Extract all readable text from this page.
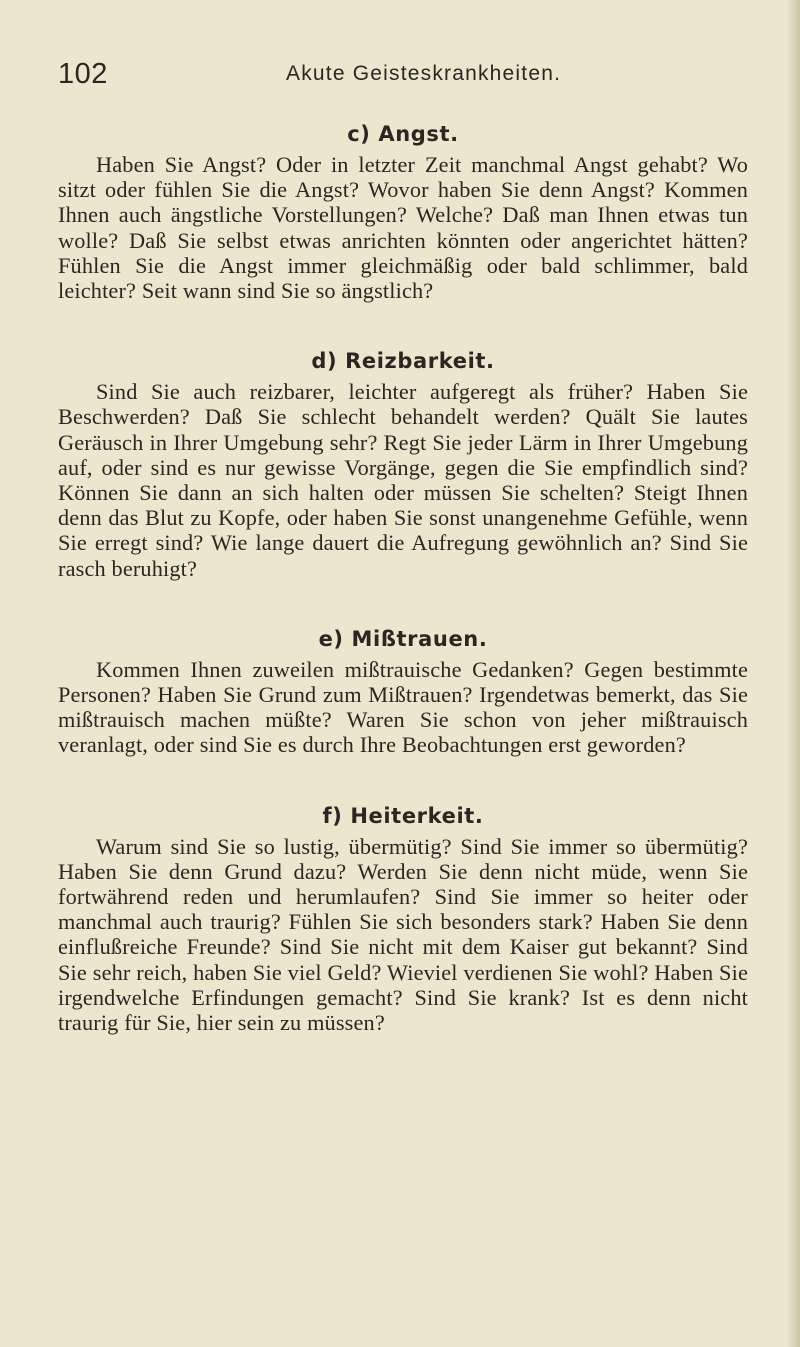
102	Akute Geisteskrankheiten.
c) Angst.

Haben Sie Angst? Oder in letzter Zeit manchmal Angst gehabt? Wo sitzt oder fühlen Sie die Angst? Wovor haben Sie denn Angst? Kommen Ihnen auch ängstliche Vorstellungen? Welche? Daß man Ihnen etwas tun wolle? Daß Sie selbst etwas anrichten könnten oder angerichtet hätten? Fühlen Sie die Angst immer gleichmäßig oder bald schlimmer, bald leichter? Seit wann sind Sie so ängstlich?

d) Reizbarkeit.

Sind Sie auch reizbarer, leichter aufgeregt als früher? Haben Sie Beschwerden? Daß Sie schlecht behandelt werden? Quält Sie lautes Geräusch in Ihrer Umgebung sehr? Regt Sie jeder Lärm in Ihrer Umgebung auf, oder sind es nur gewisse Vorgänge, gegen die Sie empfindlich sind? Können Sie dann an sich halten oder müssen Sie schelten? Steigt Ihnen denn das Blut zu Kopfe, oder haben Sie sonst unangenehme Gefühle, wenn Sie erregt sind? Wie lange dauert die Aufregung gewöhnlich an? Sind Sie rasch beruhigt?

e) Mißtrauen.

Kommen Ihnen zuweilen mißtrauische Gedanken? Gegen bestimmte Personen? Haben Sie Grund zum Mißtrauen? Irgendetwas bemerkt, das Sie mißtrauisch machen müßte? Waren Sie schon von jeher mißtrauisch veranlagt, oder sind Sie es durch Ihre Beobachtungen erst geworden?

f) Heiterkeit.

Warum sind Sie so lustig, übermütig? Sind Sie immer so übermütig? Haben Sie denn Grund dazu? Werden Sie denn nicht müde, wenn Sie fortwährend reden und herumlaufen? Sind Sie immer so heiter oder manchmal auch traurig? Fühlen Sie sich besonders stark? Haben Sie denn einflußreiche Freunde? Sind Sie nicht mit dem Kaiser gut bekannt? Sind Sie sehr reich, haben Sie viel Geld? Wieviel verdienen Sie wohl? Haben Sie irgendwelche Erfindungen gemacht? Sind Sie krank? Ist es denn nicht traurig für Sie, hier sein zu müssen?
